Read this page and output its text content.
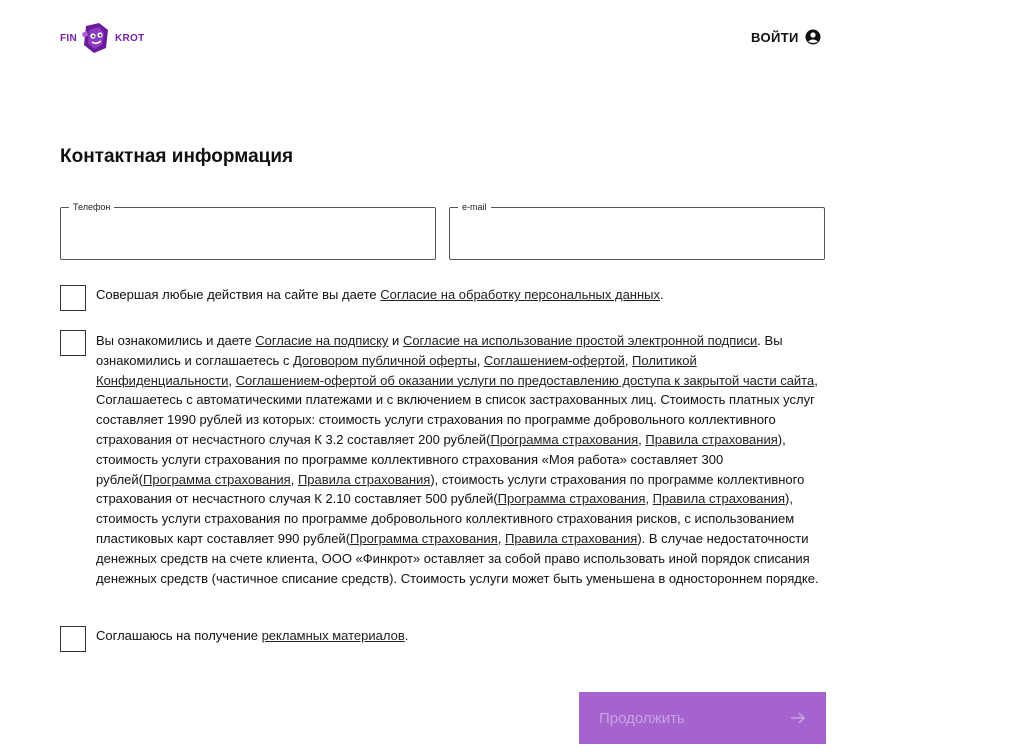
FIN	KROT	ВОЙТИ
Контактная информация
Телефон	e-mail

Совершая любые действия на сайте вы даете Согласие на обработку персональных данных.

Вы ознакомились и даете Согласие на подписку и Согласие на использование простой электронной подписи. Вы ознакомились и соглашаетесь с Договором публичной оферты, Соглашением-офертой, Политикой Конфиденциальности, Соглашением-офертой об оказании услуги по предоставлению доступа к закрытой части сайта, Соглашаетесь с автоматическими платежами и с включением в список застрахованных лиц. Стоимость платных услуг составляет 1990 рублей из которых: стоимость услуги страхования по программе добровольного коллективного страхования от несчастного случая К 3.2 составляет 200 рублей(Программа страхования, Правила страхования), стоимость услуги страхования по программе коллективного страхования «Моя работа» составляет 300 рублей(Программа страхования, Правила страхования), стоимость услуги страхования по программе коллективного страхования от несчастного случая К 2.10 составляет 500 рублей(Программа страхования, Правила страхования), стоимость услуги страхования по программе добровольного коллективного страхования рисков, с использованием пластиковых карт составляет 990 рублей(Программа страхования, Правила страхования). В случае недостаточности денежных средств на счете клиента, ООО «Финкрот» оставляет за собой право использовать иной порядок списания денежных средств (частичное списание средств). Стоимость услуги может быть уменьшена в одностороннем порядке.

Соглашаюсь на получение рекламных материалов.

Продолжить
